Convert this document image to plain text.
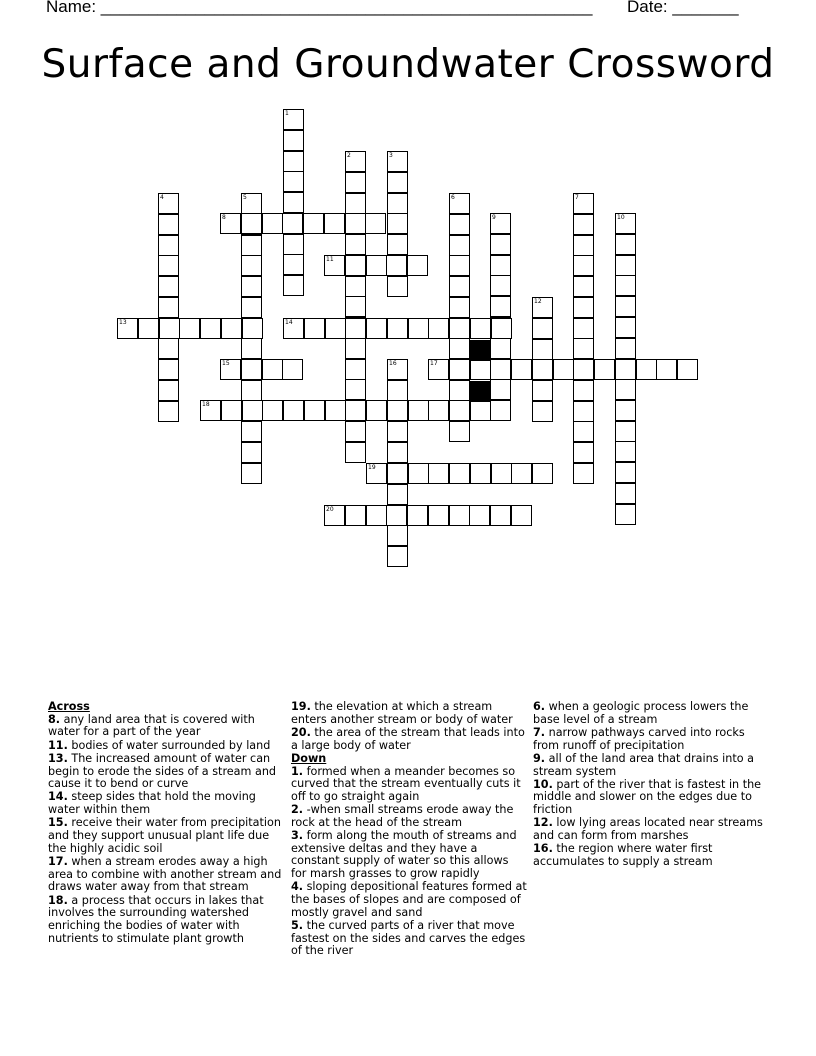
Name: ____________________________________________________	Date: _______
Surface and Groundwater Crossword
1
2	3
4	5	6	7
8	9	10
11
12
13	14
15	16	17
18
19
20
Across
8. any land area that is covered with water for a part of the year
11. bodies of water surrounded by land
13. The increased amount of water can begin to erode the sides of a stream and cause it to bend or curve
14. steep sides that hold the moving water within them
15. receive their water from precipitation and they support unusual plant life due the highly acidic soil
17. when a stream erodes away a high area to combine with another stream and draws water away from that stream
18. a process that occurs in lakes that involves the surrounding watershed enriching the bodies of water with nutrients to stimulate plant growth
19. the elevation at which a stream enters another stream or body of water
20. the area of the stream that leads into a large body of water
Down
1. formed when a meander becomes so curved that the stream eventually cuts it off to go straight again
2. -when small streams erode away the rock at the head of the stream
3. form along the mouth of streams and extensive deltas and they have a constant supply of water so this allows for marsh grasses to grow rapidly
4. sloping depositional features formed at the bases of slopes and are composed of mostly gravel and sand
5. the curved parts of a river that move fastest on the sides and carves the edges of the river
6. when a geologic process lowers the base level of a stream
7. narrow pathways carved into rocks from runoff of precipitation
9. all of the land area that drains into a stream system
10. part of the river that is fastest in the middle and slower on the edges due to friction
12. low lying areas located near streams and can form from marshes
16. the region where water first accumulates to supply a stream
